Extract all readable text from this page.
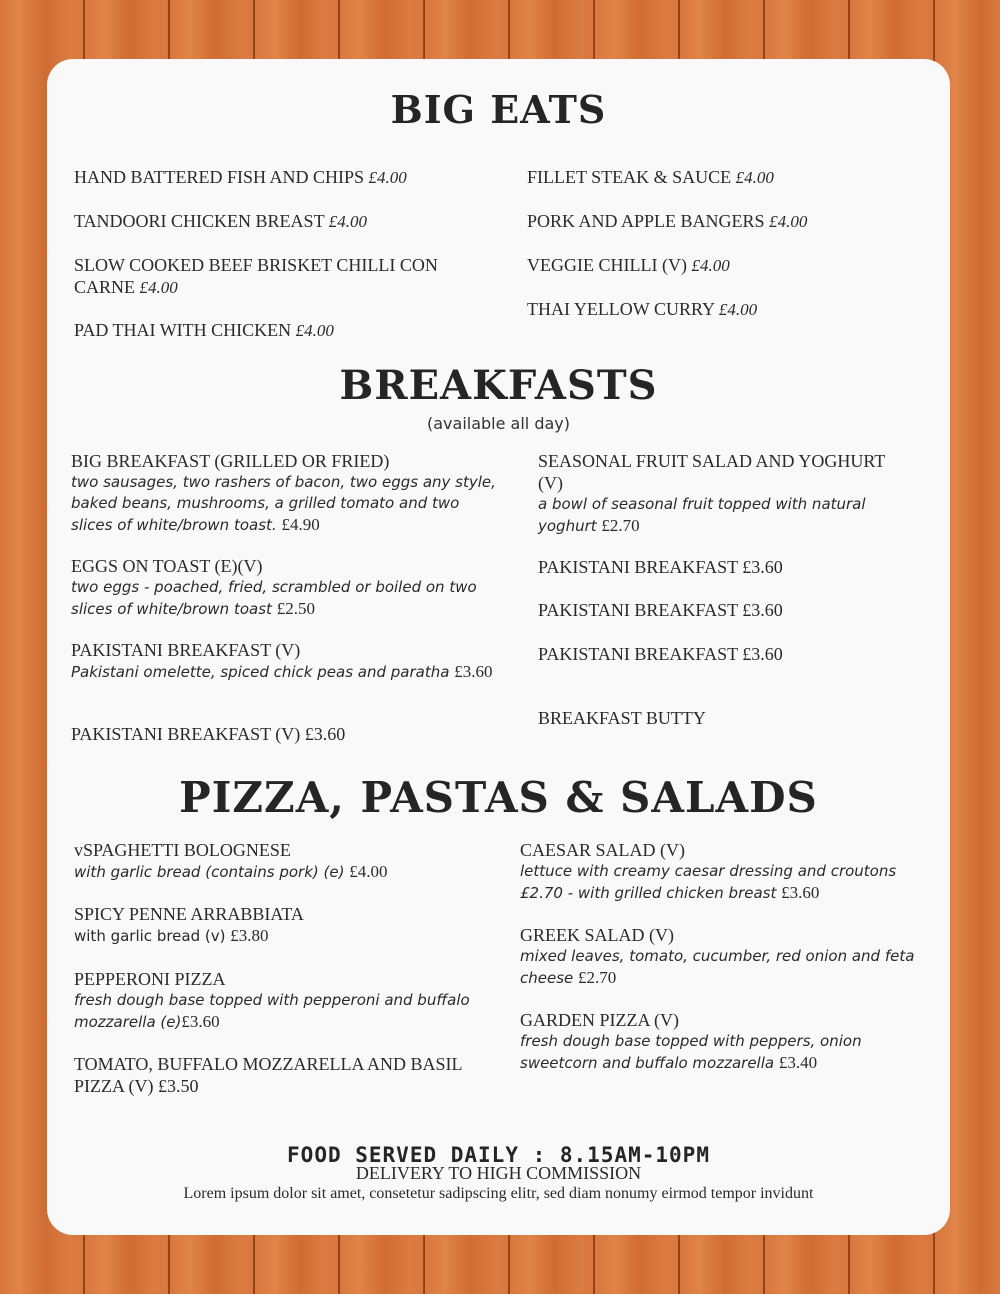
BIG EATS
HAND BATTERED FISH AND CHIPS £4.00
TANDOORI CHICKEN BREAST £4.00
SLOW COOKED BEEF BRISKET CHILLI CON CARNE £4.00
PAD THAI WITH CHICKEN £4.00
FILLET STEAK & SAUCE £4.00
PORK AND APPLE BANGERS £4.00
VEGGIE CHILLI (V) £4.00
THAI YELLOW CURRY £4.00
BREAKFASTS
(available all day)
BIG BREAKFAST (GRILLED OR FRIED)
two sausages, two rashers of bacon, two eggs any style, baked beans, mushrooms, a grilled tomato and two slices of white/brown toast. £4.90
EGGS ON TOAST (E)(V)
two eggs - poached, fried, scrambled or boiled on two slices of white/brown toast £2.50
PAKISTANI BREAKFAST (V)
Pakistani omelette, spiced chick peas and paratha £3.60
PAKISTANI BREAKFAST (V) £3.60
SEASONAL FRUIT SALAD AND YOGHURT (V)
a bowl of seasonal fruit topped with natural yoghurt £2.70
PAKISTANI BREAKFAST £3.60
PAKISTANI BREAKFAST £3.60
PAKISTANI BREAKFAST £3.60
BREAKFAST BUTTY
PIZZA, PASTAS & SALADS
vSPAGHETTI BOLOGNESE
with garlic bread (contains pork) (e) £4.00
SPICY PENNE ARRABBIATA
with garlic bread (v) £3.80
PEPPERONI PIZZA
fresh dough base topped with pepperoni and buffalo mozzarella (e)£3.60
TOMATO, BUFFALO MOZZARELLA AND BASIL PIZZA (V) £3.50
CAESAR SALAD (V)
lettuce with creamy caesar dressing and croutons
£2.70 - with grilled chicken breast £3.60
GREEK SALAD (V)
mixed leaves, tomato, cucumber, red onion and feta cheese £2.70
GARDEN PIZZA (V)
fresh dough base topped with peppers, onion sweetcorn and buffalo mozzarella £3.40
FOOD SERVED DAILY : 8.15AM-10PM
DELIVERY TO HIGH COMMISSION
Lorem ipsum dolor sit amet, consetetur sadipscing elitr, sed diam nonumy eirmod tempor invidunt
